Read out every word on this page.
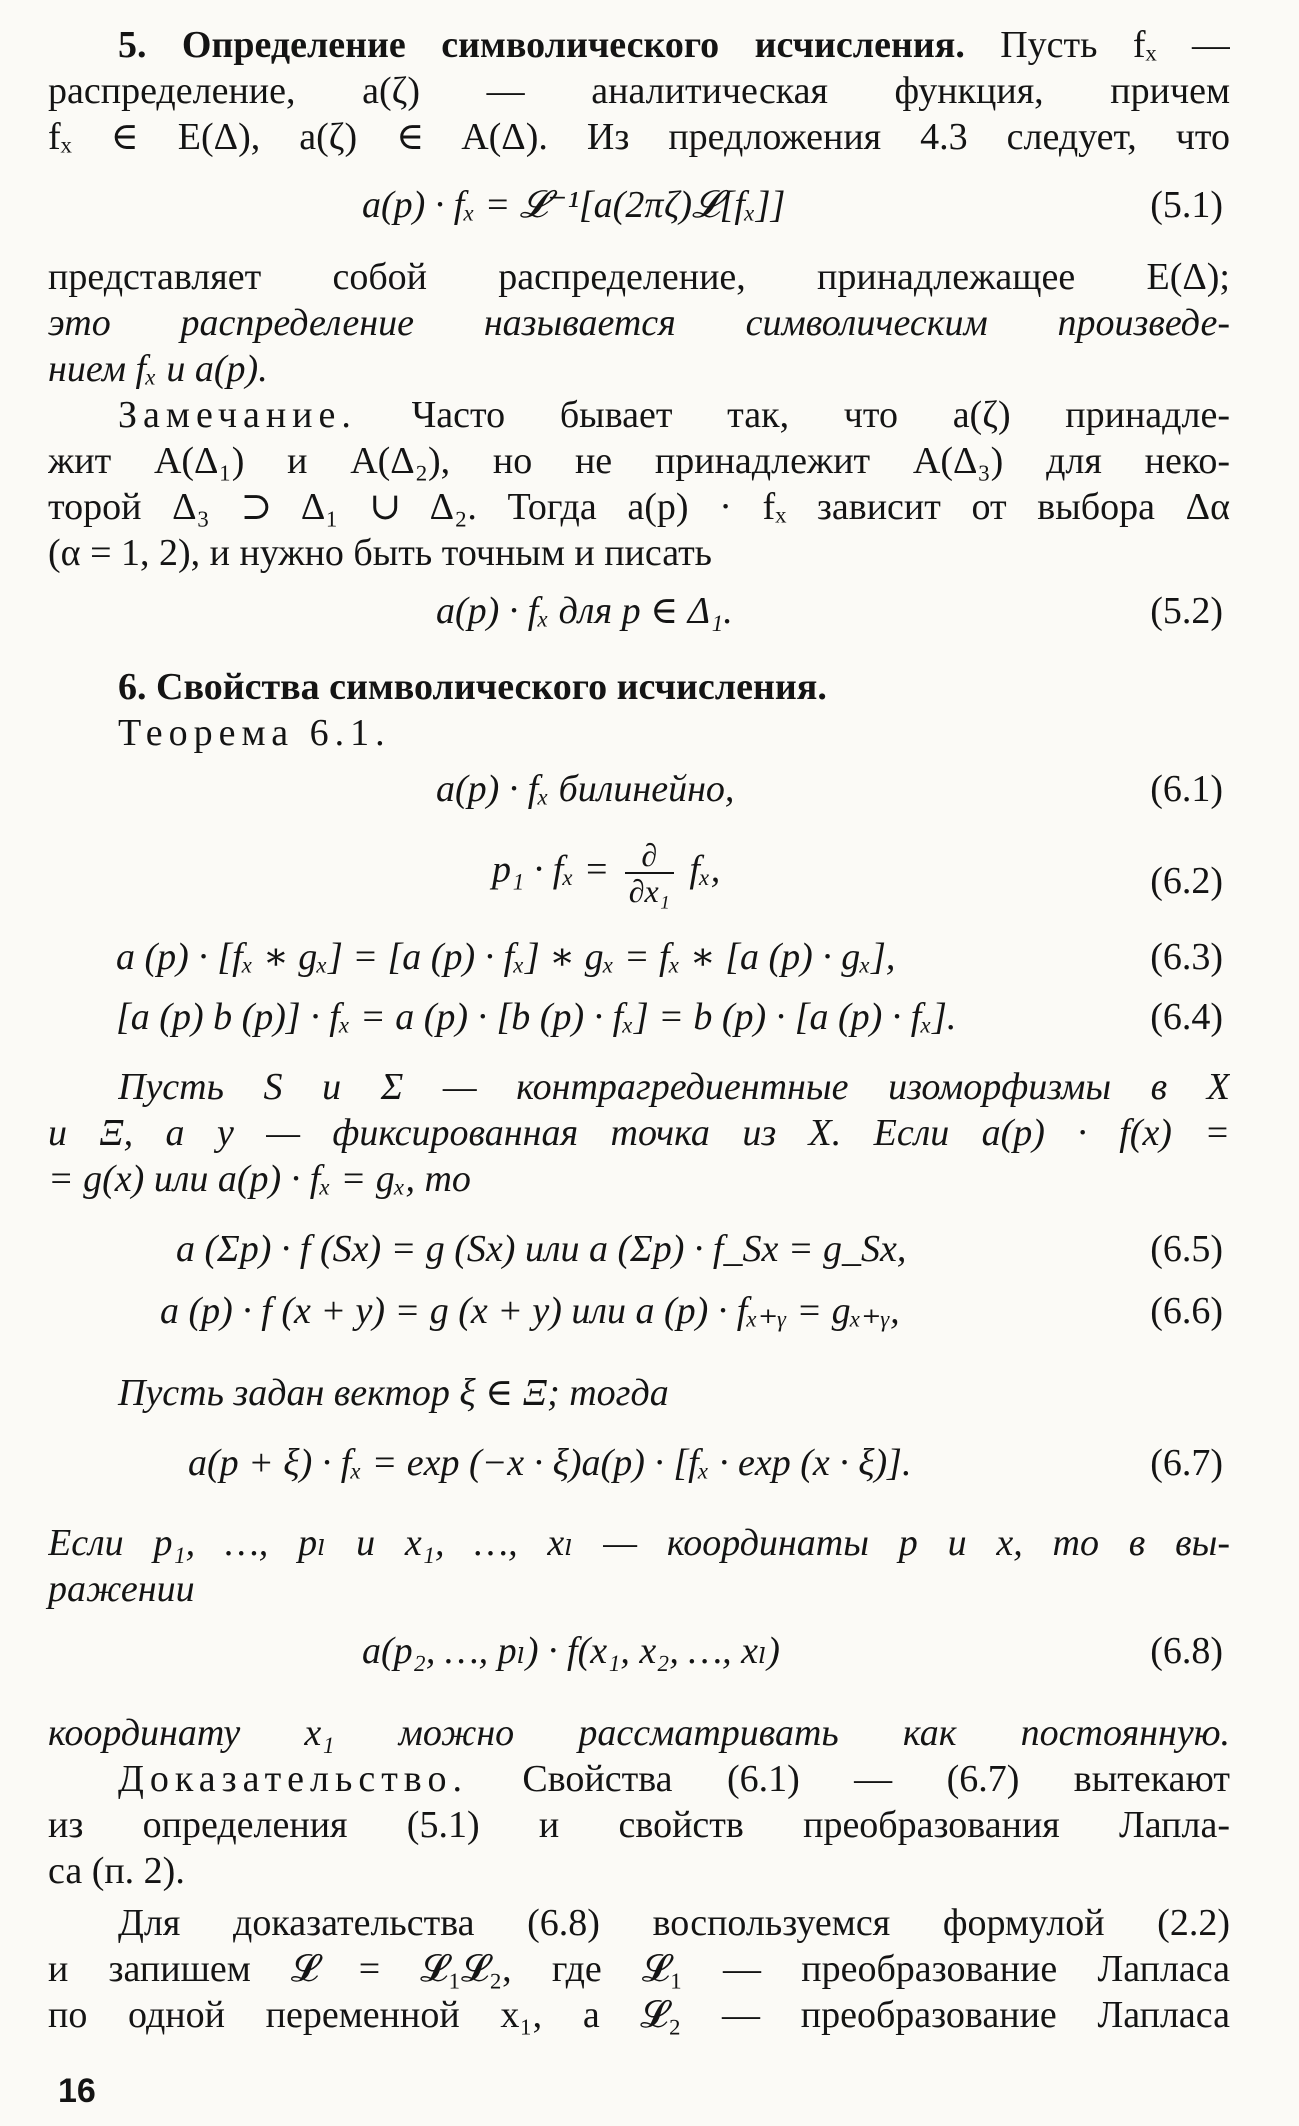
5. Определение символического исчисления. Пусть fₓ —
распределение, a(ζ) — аналитическая функция, причем
fₓ ∈ E(Δ), a(ζ) ∈ A(Δ). Из предложения 4.3 следует, что
a(p) · fₓ = 𝓛⁻¹[a(2πζ)𝓛[fₓ]]	(5.1)
представляет собой распределение, принадлежащее E(Δ);
это распределение называется символическим произведе-
нием fₓ и a(p).
Замечание. Часто бывает так, что a(ζ) принадле-
жит A(Δ₁) и A(Δ₂), но не принадлежит A(Δ₃) для неко-
торой Δ₃ ⊃ Δ₁ ∪ Δ₂. Тогда a(p) · fₓ зависит от выбора Δα
(α = 1, 2), и нужно быть точным и писать
a(p) · fₓ для p ∈ Δ₁.	(5.2)
6. Свойства символического исчисления.
Теорема 6.1.
a(p) · fₓ билинейно,	(6.1)
$p_1 \cdot f_x = \frac{\partial}{\text{∂x₁}} f_x$,	(6.2)
a (p) · [fₓ ∗ gₓ] = [a (p) · fₓ] ∗ gₓ = fₓ ∗ [a (p) · gₓ],	(6.3)
[a (p) b (p)] · fₓ = a (p) · [b (p) · fₓ] = b (p) · [a (p) · fₓ].	(6.4)
Пусть S и Σ — контрагредиентные изоморфизмы в X
и Ξ, а y — фиксированная точка из X. Если a(p) · f(x) =
= g(x) или a(p) · fₓ = gₓ, то
a (Σp) · f (Sx) = g (Sx) или a (Σp) · f_Sx = g_Sx,	(6.5)
a (p) · f (x + y) = g (x + y) или a (p) · fₓ₊ᵧ = gₓ₊ᵧ,	(6.6)
Пусть задан вектор ξ ∈ Ξ; тогда
a(p + ξ) · fₓ = exp (−x · ξ)a(p) · [fₓ · exp (x · ξ)].	(6.7)
Если p₁, …, pₗ и x₁, …, xₗ — координаты p и x, то в вы-
ражении
a(p₂, …, pₗ) · f(x₁, x₂, …, xₗ)	(6.8)
координату x₁ можно рассматривать как постоянную.
Доказательство. Свойства (6.1) — (6.7) вытекают
из определения (5.1) и свойств преобразования Лапла-
са (п. 2).
Для доказательства (6.8) воспользуемся формулой (2.2)
и запишем 𝓛 = 𝓛₁𝓛₂, где 𝓛₁ — преобразование Лапласа
по одной переменной x₁, а 𝓛₂ — преобразование Лапласа
16
